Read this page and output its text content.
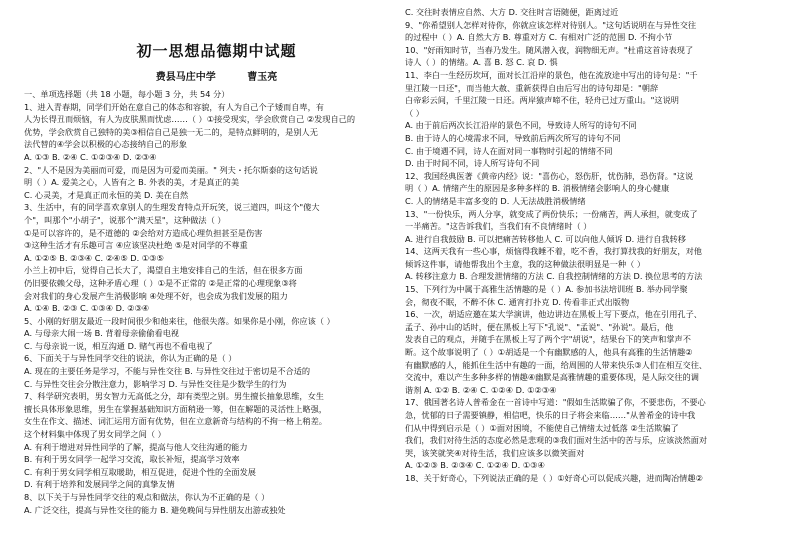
初一思想品德期中试题
费县马庄中学	曹玉亮
一、单项选择题（共 18 小题，每小题 3 分，共 54 分）
1、进入青春期，同学们开始在意自己的体态和容貌，有人为自己个子矮而自卑，有
人为长得丑而烦恼，有人为皮肤黑而忧虑……（ ）①接受现实，学会欣赏自己 ②发现自己的
优势，学会欣赏自己独特的美③相信自己是独一无二的，是特点鲜明的，是别人无
法代替的④学会以积极的心态接纳自己的形象
A. ①③ B. ②④ C. ①②③④ D. ②③④
2、"人不是因为美丽而可爱，而是因为可爱而美丽。" 列夫・托尔斯泰的这句话说
明（ ）A. 爱美之心，人皆有之 B. 外表的美，才是真正的美
C. 心灵美，才是真正而永恒的美 D. 美在自然
3、生活中，有的同学喜欢拿别人的生理发育特点开玩笑，说三道四，叫这个"傻大
个"，叫那个"小胡子"，说那个"满天星"，这种做法（ ）
①是可以容许的，是不道德的 ②会给对方造成心理负担甚至是伤害
③这种生活才有乐趣可言 ④应该坚决杜绝 ⑤是对同学的不尊重
A. ①②⑤ B. ②③④ C. ②④⑤ D. ①③⑤
小兰上初中后，觉得自己长大了，渴望自主地安排自己的生活，但在很多方面
仍旧要依赖父母，这种矛盾心理（ ）①是不正常的 ②是正常的心理现象③将
会对我们的身心发展产生消极影响 ④处理不好，也会成为我们发展的阻力
A. ①④ B. ②③ C. ①③④ D. ②③④
5、小刚的好朋友最近一段时间很少和他来往，他很失落。如果你是小刚，你应该（ ）
A. 与母亲大闹一场 B. 背着母亲偷偷看电视
C. 与母亲说一说，相互沟通 D. 赌气再也不看电视了
6、下面关于与异性同学交往的说法，你认为正确的是（ ）
A. 现在的主要任务是学习，不能与异性交往 B. 与异性交往过于密切是不合适的
C. 与异性交往会分散注意力，影响学习 D. 与异性交往是少数学生的行为
7、科学研究表明，男女智力无高低之分，却有类型之别。男生擅长抽象思维，女生
擅长具体形象思维，男生在掌握基础知识方面稍逊一筹，但在解题的灵活性上略强，
女生在作文、描述、词汇运用方面有优势，但在立意新奇与结构的不拘一格上稍差。
这个材料集中体现了男女同学之间（ ）
A. 有利于增进对异性同学的了解，提高与他人交往沟通的能力
B. 有利于男女同学一起学习交流，取长补短，提高学习效率
C. 有利于男女同学相互取暖助，相互促进，促进个性的全面发展
D. 有利于培养和发展同学之间的真挚友情
8、以下关于与异性同学交往的观点和做法，你认为不正确的是（ ）
A. 广泛交往，提高与异性交往的能力 B. 避免晚间与异性朋友出游或独处
C. 交往时表情应自然、大方 D. 交往时言语随便，距离过近
9、"你希望别人怎样对待你，你就应该怎样对待别人。"这句话说明在与异性交往
的过程中（ ）A. 自然大方 B. 尊重对方 C. 有相对广泛的范围 D. 不拘小节
10、"好雨知时节，当春乃发生。随风潜入夜，润物细无声。"杜甫这首诗表现了
诗人（ ）的情绪。A. 喜 B. 怒 C. 哀 D. 惧
11、李白一生经历坎坷，面对长江沿岸的景色，他在流放途中写出的诗句是："千
里江陵一日还"，而当他大赦、重新获得自由后写出的诗句却是："朝辞
白帝彩云间，千里江陵一日还。两岸猿声啼不住，轻舟已过万重山。"这说明
（ ）
A. 由于前后两次长江沿岸的景色不同，导致诗人所写的诗句不同
B. 由于诗人的心境需求不同，导致前后两次所写的诗句不同
C. 由于境遇不同，诗人在面对同一事物时引起的情绪不同
D. 由于时间不同，诗人所写诗句不同
12、我国经典医著《黄帝内经》说："喜伤心，怒伤肝，忧伤肺，恐伤肾。"这说
明（ ）A. 情绪产生的原因是多种多样的 B. 消极情绪会影响人的身心健康
C. 人的情绪是丰富多变的 D. 人无法战胜消极情绪
13、"一份快乐，两人分享，就变成了两份快乐；一份痛苦，两人承担，就变成了
一半痛苦。"这告诉我们，当我们有不良情绪时（ ）
A. 进行自我鼓励 B. 可以把痛苦转移他人 C. 可以向他人倾诉 D. 进行自我转移
14、这两天我有一些心事，烦恼得我睡不着，吃不香，我打算找我的好朋友，对他
倾诉这件事，请他帮我出个主意，我的这种做法很明显是一种（ ）
A. 转移注意力 B. 合理发泄情绪的方法 C. 自我控制情绪的方法 D. 换位思考的方法
15、下列行为中属于高雅生活情趣的是（ ）A. 参加书法培训班 B. 举办同学聚
会，彻夜不眠，不醉不休 C. 通宵打扑克 D. 传看非正式出版物
16、一次，胡适应邀在某大学演讲，他边讲边在黑板上写下要点，他在引用孔子、
孟子、孙中山的话时，便在黑板上写下"孔说"、"孟说"、"孙说"。最后，他
发表自己的观点，并随手在黑板上写了两个字"胡说"，结果台下的笑声和掌声不
断。这个故事说明了（ ）①胡适是一个有幽默感的人，他具有高雅的生活情趣②
有幽默感的人，能抓住生活中有趣的一面，给周围的人带来快乐③人们在相互交往、
交流中，难以产生多种多样的情趣④幽默是高雅情趣的重要体现，是人际交往的调
谐剂 A. ①② B. ②④ C. ①②④ D. ①②③④
17、俄国著名诗人普希金在一首诗中写道："假如生活欺骗了你，不要悲伤，不要心
急，忧郁的日子需要镇静，相信吧，快乐的日子将会来临……"从普希金的诗中我
们从中得到启示是（ ）①面对困境，不能使自己情绪太过低落 ②生活欺骗了
我们，我们对待生活的态度必然是悲观的③我们面对生活中的苦与乐，应该淡然面对
哭，该笑就笑④对待生活，我们应该多以微笑面对
A. ①②③ B. ②③④ C. ①②④ D. ①③④
18、关于好奇心，下列说法正确的是（ ）①好奇心可以促成兴趣，进而陶冶情趣②
